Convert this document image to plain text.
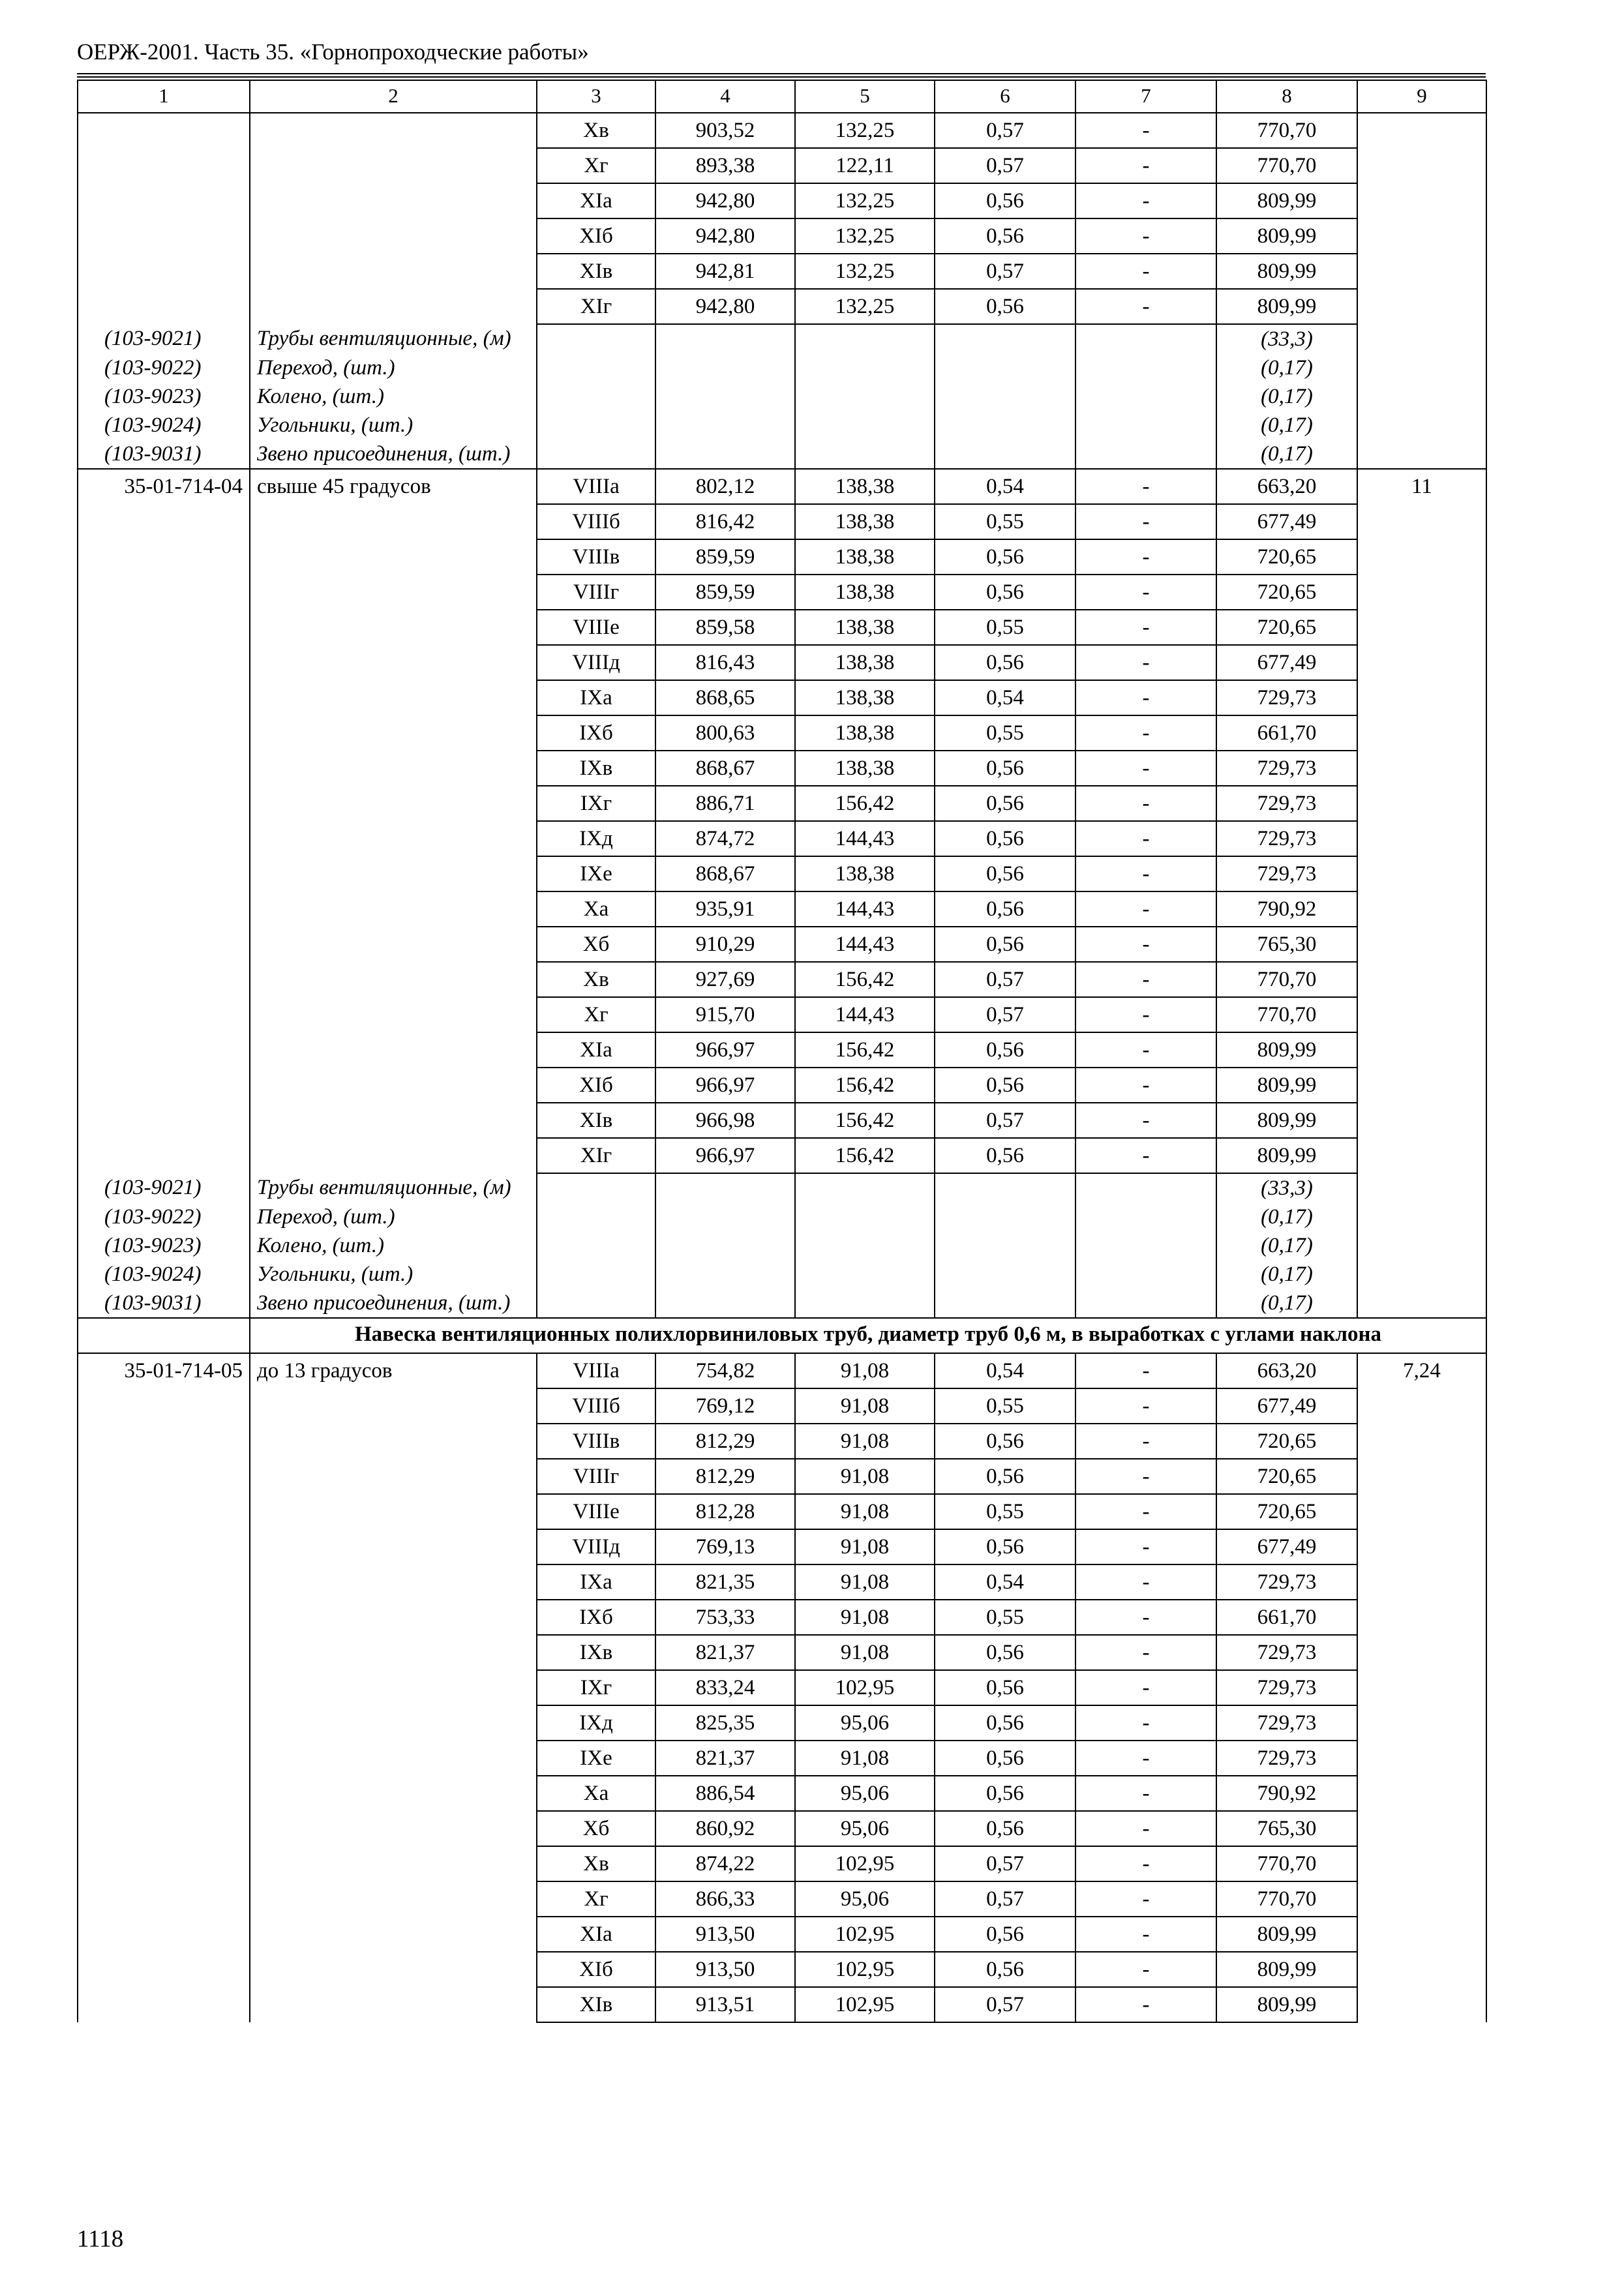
ОЕРЖ-2001. Часть 35. «Горнопроходческие работы»
1	2	3	4	5	6	7	8	9
		Хв	903,52	132,25	0,57	-	770,70	
		Хг	893,38	122,11	0,57	-	770,70	
		XIа	942,80	132,25	0,56	-	809,99	
		XIб	942,80	132,25	0,56	-	809,99	
		XIв	942,81	132,25	0,57	-	809,99	
		XIг	942,80	132,25	0,56	-	809,99	
(103-9021)	Трубы вентиляционные, (м)						(33,3)	
(103-9022)	Переход, (шт.)						(0,17)	
(103-9023)	Колено, (шт.)						(0,17)	
(103-9024)	Угольники, (шт.)						(0,17)	
(103-9031)	Звено присоединения, (шт.)						(0,17)	
35-01-714-04	свыше 45 градусов	VIIIа	802,12	138,38	0,54	-	663,20	11
		VIIIб	816,42	138,38	0,55	-	677,49	
		VIIIв	859,59	138,38	0,56	-	720,65	
		VIIIг	859,59	138,38	0,56	-	720,65	
		VIIIе	859,58	138,38	0,55	-	720,65	
		VIIIд	816,43	138,38	0,56	-	677,49	
		IХа	868,65	138,38	0,54	-	729,73	
		IХб	800,63	138,38	0,55	-	661,70	
		IХв	868,67	138,38	0,56	-	729,73	
		IХг	886,71	156,42	0,56	-	729,73	
		IХд	874,72	144,43	0,56	-	729,73	
		IХе	868,67	138,38	0,56	-	729,73	
		Ха	935,91	144,43	0,56	-	790,92	
		Хб	910,29	144,43	0,56	-	765,30	
		Хв	927,69	156,42	0,57	-	770,70	
		Хг	915,70	144,43	0,57	-	770,70	
		XIа	966,97	156,42	0,56	-	809,99	
		XIб	966,97	156,42	0,56	-	809,99	
		XIв	966,98	156,42	0,57	-	809,99	
		XIг	966,97	156,42	0,56	-	809,99	
(103-9021)	Трубы вентиляционные, (м)						(33,3)	
(103-9022)	Переход, (шт.)						(0,17)	
(103-9023)	Колено, (шт.)						(0,17)	
(103-9024)	Угольники, (шт.)						(0,17)	
(103-9031)	Звено присоединения, (шт.)						(0,17)	
	Навеска вентиляционных полихлорвиниловых труб, диаметр труб 0,6 м, в выработках с углами наклона							
35-01-714-05	до 13 градусов	VIIIа	754,82	91,08	0,54	-	663,20	7,24
		VIIIб	769,12	91,08	0,55	-	677,49	
		VIIIв	812,29	91,08	0,56	-	720,65	
		VIIIг	812,29	91,08	0,56	-	720,65	
		VIIIе	812,28	91,08	0,55	-	720,65	
		VIIIд	769,13	91,08	0,56	-	677,49	
		IХа	821,35	91,08	0,54	-	729,73	
		IХб	753,33	91,08	0,55	-	661,70	
		IХв	821,37	91,08	0,56	-	729,73	
		IХг	833,24	102,95	0,56	-	729,73	
		IХд	825,35	95,06	0,56	-	729,73	
		IХе	821,37	91,08	0,56	-	729,73	
		Ха	886,54	95,06	0,56	-	790,92	
		Хб	860,92	95,06	0,56	-	765,30	
		Хв	874,22	102,95	0,57	-	770,70	
		Хг	866,33	95,06	0,57	-	770,70	
		XIа	913,50	102,95	0,56	-	809,99	
		XIб	913,50	102,95	0,56	-	809,99	
		XIв	913,51	102,95	0,57	-	809,99	
1118
